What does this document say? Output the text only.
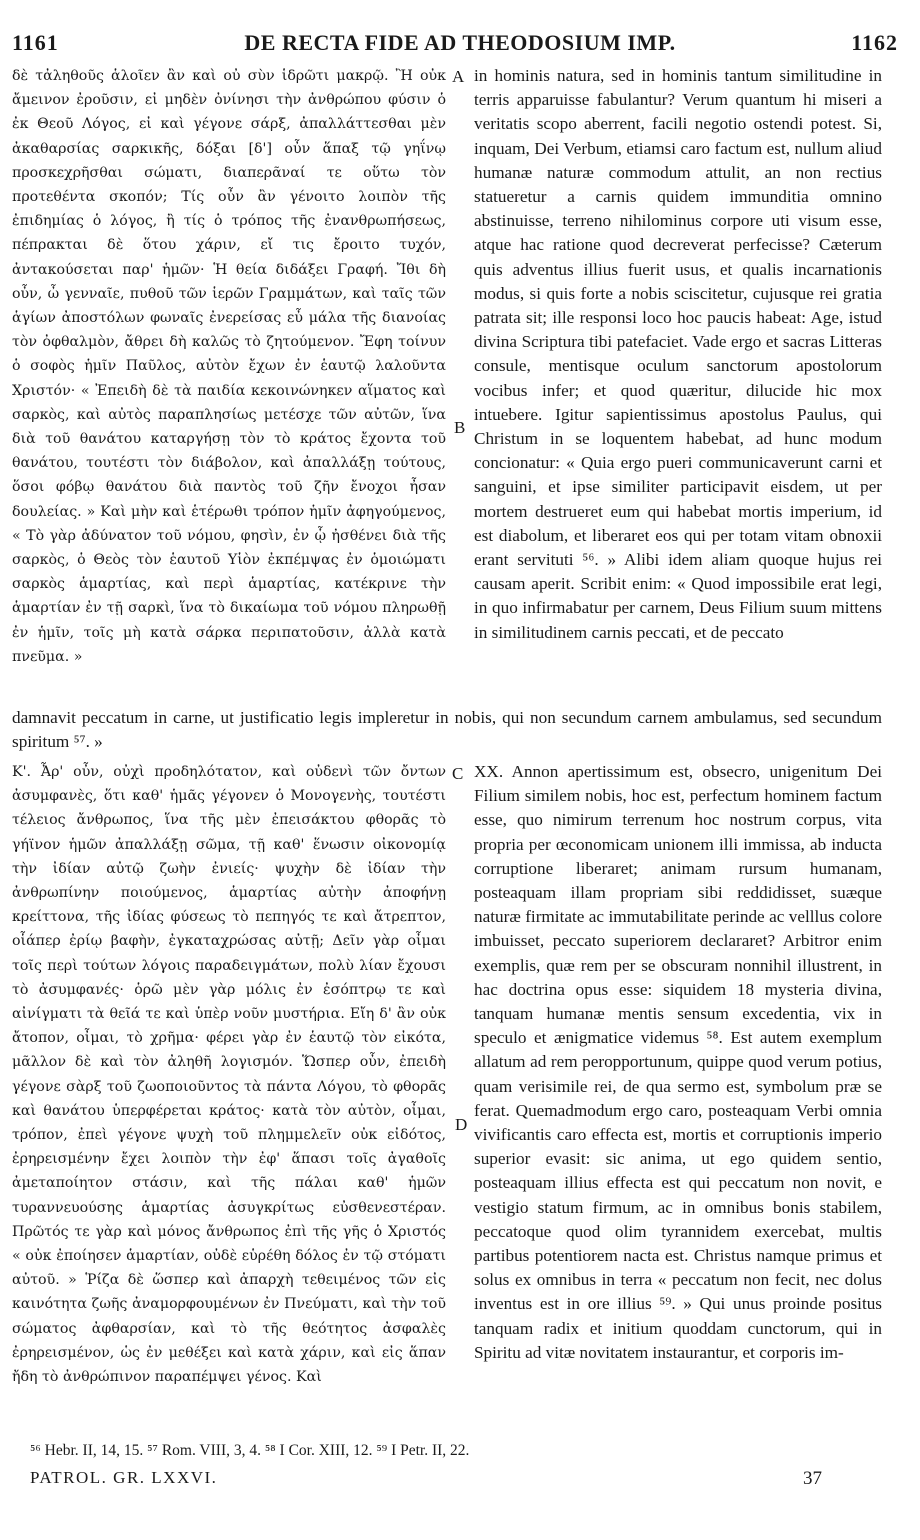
1161	DE RECTA FIDE AD THEODOSIUM IMP.	1162
δὲ τἀληθοῦς ἁλοῖεν ἂν καὶ οὐ σὺν ἱδρῶτι μακρῷ. Ἢ οὐκ ἄμεινον ἐροῦσιν, εἰ μηδὲν ὀνίνησι τὴν ἀνθρώπου φύσιν ὁ ἐκ Θεοῦ Λόγος, εἰ καὶ γέγονε σάρξ, ἀπαλλάττεσθαι μὲν ἀκαθαρσίας σαρκικῆς, δόξαι [δ'] οὖν ἅπαξ τῷ γηΐνῳ προσκεχρῆσθαι σώματι, διαπερᾶναί τε οὕτω τὸν προτεθέντα σκοπόν; Τίς οὖν ἂν γένοιτο λοιπὸν τῆς ἐπιδημίας ὁ λόγος, ἢ τίς ὁ τρόπος τῆς ἐνανθρωπήσεως, πέπρακται δὲ ὅτου χάριν, εἴ τις ἔροιτο τυχόν, ἀντακούσεται παρ' ἡμῶν· Ἡ θεία διδάξει Γραφή. Ἴθι δὴ οὖν, ὦ γενναῖε, πυθοῦ τῶν ἱερῶν Γραμμάτων, καὶ ταῖς τῶν ἁγίων ἀποστόλων φωναῖς ἐνερείσας εὖ μάλα τῆς διανοίας τὸν ὀφθαλμὸν, ἄθρει δὴ καλῶς τὸ ζητούμενον. Ἔφη τοίνυν ὁ σοφὸς ἡμῖν Παῦλος, αὐτὸν ἔχων ἐν ἑαυτῷ λαλοῦντα Χριστόν· « Ἐπειδὴ δὲ τὰ παιδία κεκοινώνηκεν αἵματος καὶ σαρκὸς, καὶ αὐτὸς παραπλησίως μετέσχε τῶν αὐτῶν, ἵνα διὰ τοῦ θανάτου καταργήσῃ τὸν τὸ κράτος ἔχοντα τοῦ θανάτου, τουτέστι τὸν διάβολον, καὶ ἀπαλλάξῃ τούτους, ὅσοι φόβῳ θανάτου διὰ παντὸς τοῦ ζῆν ἔνοχοι ἦσαν δουλείας. » Καὶ μὴν καὶ ἑτέρωθι τρόπον ἡμῖν ἀφηγούμενος, « Τὸ γὰρ ἀδύνατον τοῦ νόμου, φησὶν, ἐν ᾧ ἠσθένει διὰ τῆς σαρκὸς, ὁ Θεὸς τὸν ἑαυτοῦ Υἱὸν ἐκπέμψας ἐν ὁμοιώματι σαρκὸς ἁμαρτίας, καὶ περὶ ἁμαρτίας, κατέκρινε τὴν ἁμαρτίαν ἐν τῇ σαρκὶ, ἵνα τὸ δικαίωμα τοῦ νόμου πληρωθῇ ἐν ἡμῖν, τοῖς μὴ κατὰ σάρκα περιπατοῦσιν, ἀλλὰ κατὰ πνεῦμα. »
in hominis natura, sed in hominis tantum similitudine in terris apparuisse fabulantur? Verum quantum hi miseri a veritatis scopo aberrent, facili negotio ostendi potest. Si, inquam, Dei Verbum, etiamsi caro factum est, nullum aliud humanæ naturæ commodum attulit, an non rectius statueretur a carnis quidem immunditia omnino abstinuisse, terreno nihilominus corpore uti visum esse, atque hac ratione quod decreverat perfecisse? Cæterum quis adventus illius fuerit usus, et qualis incarnationis modus, si quis forte a nobis sciscitetur, cujusque rei gratia patrata sit; ille responsi loco hoc paucis habeat: Age, istud divina Scriptura tibi patefaciet. Vade ergo et sacras Litteras consule, mentisque oculum sanctorum apostolorum vocibus infer; et quod quæritur, dilucide hic mox intuebere. Igitur sapientissimus apostolus Paulus, qui Christum in se loquentem habebat, ad hunc modum concionatur: « Quia ergo pueri communicaverunt carni et sanguini, et ipse similiter participavit eisdem, ut per mortem destrueret eum qui habebat mortis imperium, id est diabolum, et liberaret eos qui per totam vitam obnoxii erant servituti ⁵⁶. » Alibi idem aliam quoque hujus rei causam aperit. Scribit enim: « Quod impossibile erat legi, in quo infirmabatur per carnem, Deus Filium suum mittens in similitudinem carnis peccati, et de peccato
A
B
damnavit peccatum in carne, ut justificatio legis impleretur in nobis, qui non secundum carnem ambulamus, sed secundum spiritum ⁵⁷. »
Κ'. Ἆρ' οὖν, οὐχὶ προδηλότατον, καὶ οὐδενὶ τῶν ὄντων ἀσυμφανὲς, ὅτι καθ' ἡμᾶς γέγονεν ὁ Μονογενὴς, τουτέστι τέλειος ἄνθρωπος, ἵνα τῆς μὲν ἐπεισάκτου φθορᾶς τὸ γήϊνον ἡμῶν ἀπαλλάξῃ σῶμα, τῇ καθ' ἕνωσιν οἰκονομίᾳ τὴν ἰδίαν αὐτῷ ζωὴν ἐνιείς· ψυχὴν δὲ ἰδίαν τὴν ἀνθρωπίνην ποιούμενος, ἁμαρτίας αὐτὴν ἀποφήνῃ κρείττονα, τῆς ἰδίας φύσεως τὸ πεπηγός τε καὶ ἄτρεπτον, οἷάπερ ἐρίῳ βαφὴν, ἐγκαταχρώσας αὐτῇ; Δεῖν γὰρ οἶμαι τοῖς περὶ τούτων λόγοις παραδειγμάτων, πολὺ λίαν ἔχουσι τὸ ἀσυμφανές· ὁρῶ μὲν γὰρ μόλις ἐν ἐσόπτρῳ τε καὶ αἰνίγματι τὰ θεῖά τε καὶ ὑπὲρ νοῦν μυστήρια. Εἴη δ' ἂν οὐκ ἄτοπον, οἶμαι, τὸ χρῆμα· φέρει γὰρ ἐν ἑαυτῷ τὸν εἰκότα, μᾶλλον δὲ καὶ τὸν ἀληθῆ λογισμόν. Ὥσπερ οὖν, ἐπειδὴ γέγονε σὰρξ τοῦ ζωοποιοῦντος τὰ πάντα Λόγου, τὸ φθορᾶς καὶ θανάτου ὑπερφέρεται κράτος· κατὰ τὸν αὐτὸν, οἶμαι, τρόπον, ἐπεὶ γέγονε ψυχὴ τοῦ πλημμελεῖν οὐκ εἰδότος, ἐρηρεισμένην ἔχει λοιπὸν τὴν ἐφ' ἅπασι τοῖς ἀγαθοῖς ἀμεταποίητον στάσιν, καὶ τῆς πάλαι καθ' ἡμῶν τυραννευούσης ἁμαρτίας ἀσυγκρίτως εὐσθενεστέραν. Πρῶτός τε γὰρ καὶ μόνος ἄνθρωπος ἐπὶ τῆς γῆς ὁ Χριστός « οὐκ ἐποίησεν ἁμαρτίαν, οὐδὲ εὑρέθη δόλος ἐν τῷ στόματι αὐτοῦ. » Ῥίζα δὲ ὥσπερ καὶ ἀπαρχὴ τεθειμένος τῶν εἰς καινότητα ζωῆς ἀναμορφουμένων ἐν Πνεύματι, καὶ τὴν τοῦ σώματος ἀφθαρσίαν, καὶ τὸ τῆς θεότητος ἀσφαλὲς ἐρηρεισμένον, ὡς ἐν μεθέξει καὶ κατὰ χάριν, καὶ εἰς ἅπαν ἤδη τὸ ἀνθρώπινον παραπέμψει γένος. Καὶ
XX. Annon apertissimum est, obsecro, unigenitum Dei Filium similem nobis, hoc est, perfectum hominem factum esse, quo nimirum terrenum hoc nostrum corpus, vita propria per œconomicam unionem illi immissa, ab inducta corruptione liberaret; animam rursum humanam, posteaquam illam propriam sibi reddidisset, suæque naturæ firmitate ac immutabilitate perinde ac velllus colore imbuisset, peccato superiorem declararet? Arbitror enim exemplis, quæ rem per se obscuram nonnihil illustrent, in hac doctrina opus esse: siquidem 18 mysteria divina, tanquam humanæ mentis sensum excedentia, vix in speculo et ænigmatice videmus ⁵⁸. Est autem exemplum allatum ad rem peropportunum, quippe quod verum potius, quam verisimile rei, de qua sermo est, symbolum præ se ferat. Quemadmodum ergo caro, posteaquam Verbi omnia vivificantis caro effecta est, mortis et corruptionis imperio superior evasit: sic anima, ut ego quidem sentio, posteaquam illius effecta est qui peccatum non novit, e vestigio statum firmum, ac in omnibus bonis stabilem, peccatoque quod olim tyrannidem exercebat, multis partibus potentiorem nacta est. Christus namque primus et solus ex omnibus in terra « peccatum non fecit, nec dolus inventus est in ore illius ⁵⁹. » Qui unus proinde positus tanquam radix et initium quoddam cunctorum, qui in Spiritu ad vitæ novitatem instaurantur, et corporis im-
C
D
⁵⁶ Hebr. II, 14, 15. ⁵⁷ Rom. VIII, 3, 4. ⁵⁸ I Cor. XIII, 12. ⁵⁹ I Petr. II, 22.
PATROL. GR. LXXVI.	37
